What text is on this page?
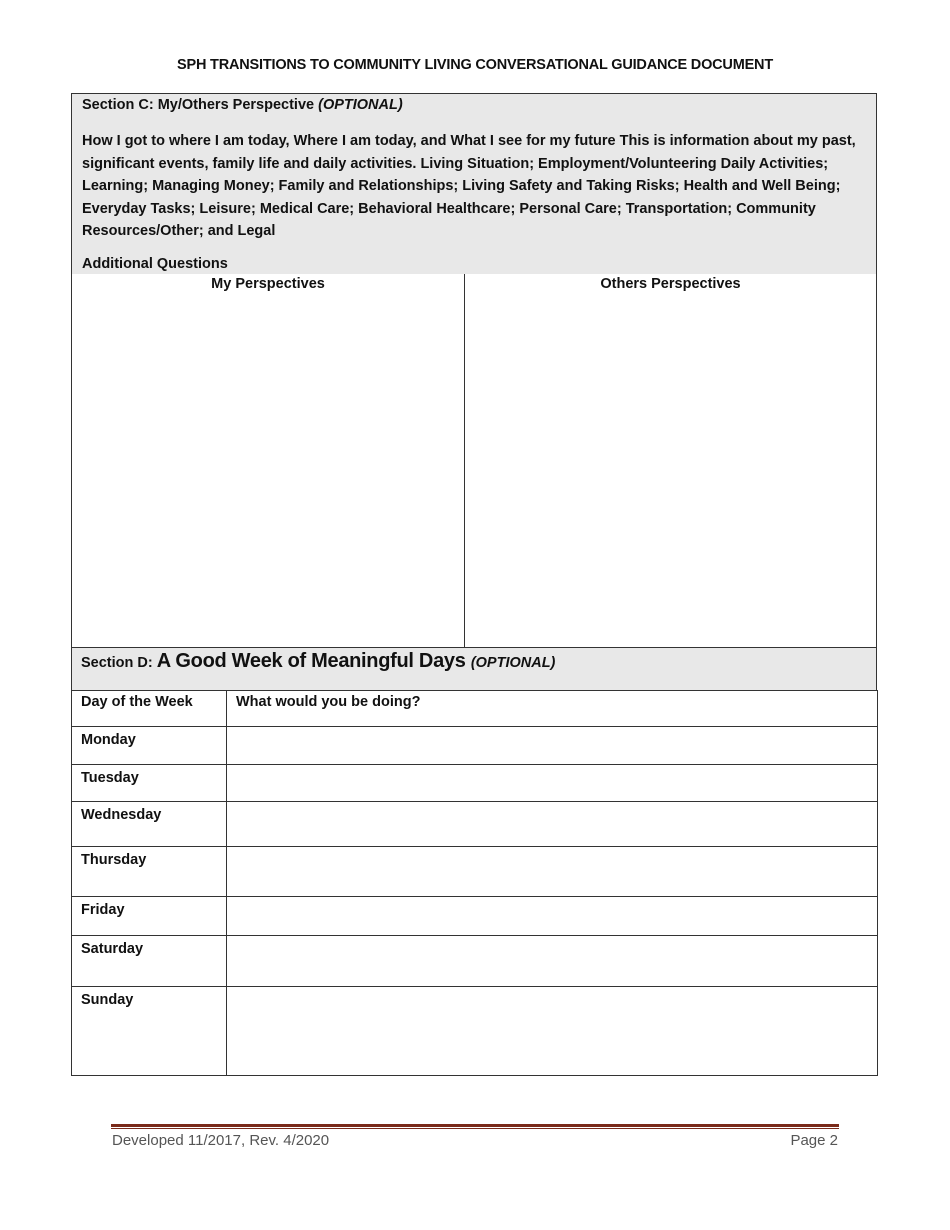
SPH TRANSITIONS TO COMMUNITY LIVING CONVERSATIONAL GUIDANCE DOCUMENT
Section C: My/Others Perspective (OPTIONAL)
How I got to where I am today, Where I am today, and What I see for my future This is information about my past, significant events, family life and daily activities. Living Situation; Employment/Volunteering Daily Activities; Learning; Managing Money; Family and Relationships; Living Safety and Taking Risks; Health and Well Being; Everyday Tasks; Leisure; Medical Care; Behavioral Healthcare; Personal Care; Transportation; Community Resources/Other; and Legal
Additional Questions
My Perspectives	Others Perspectives
Section D: A Good Week of Meaningful Days (OPTIONAL)
Day of the Week	What would you be doing?
Monday	
Tuesday	
Wednesday	
Thursday	
Friday	
Saturday	
Sunday	
Developed 11/2017, Rev. 4/2020	Page 2
